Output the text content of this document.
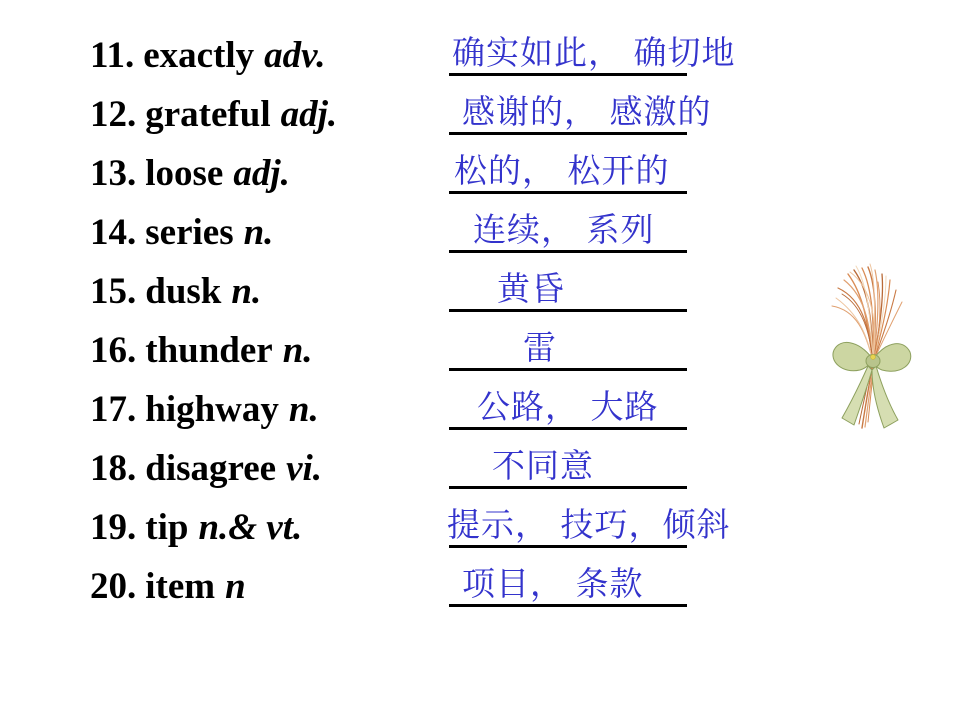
11. exactly adv.	确实如此， 确切地
12. grateful adj.	感谢的， 感激的
13. loose adj.	松的， 松开的
14. series n.	连续， 系列
15. dusk n.	黄昏
16. thunder n.	雷
17. highway n.	公路， 大路
18. disagree vi.	不同意
19. tip n.& vt.	提示， 技巧，倾斜
20. item n	项目， 条款
